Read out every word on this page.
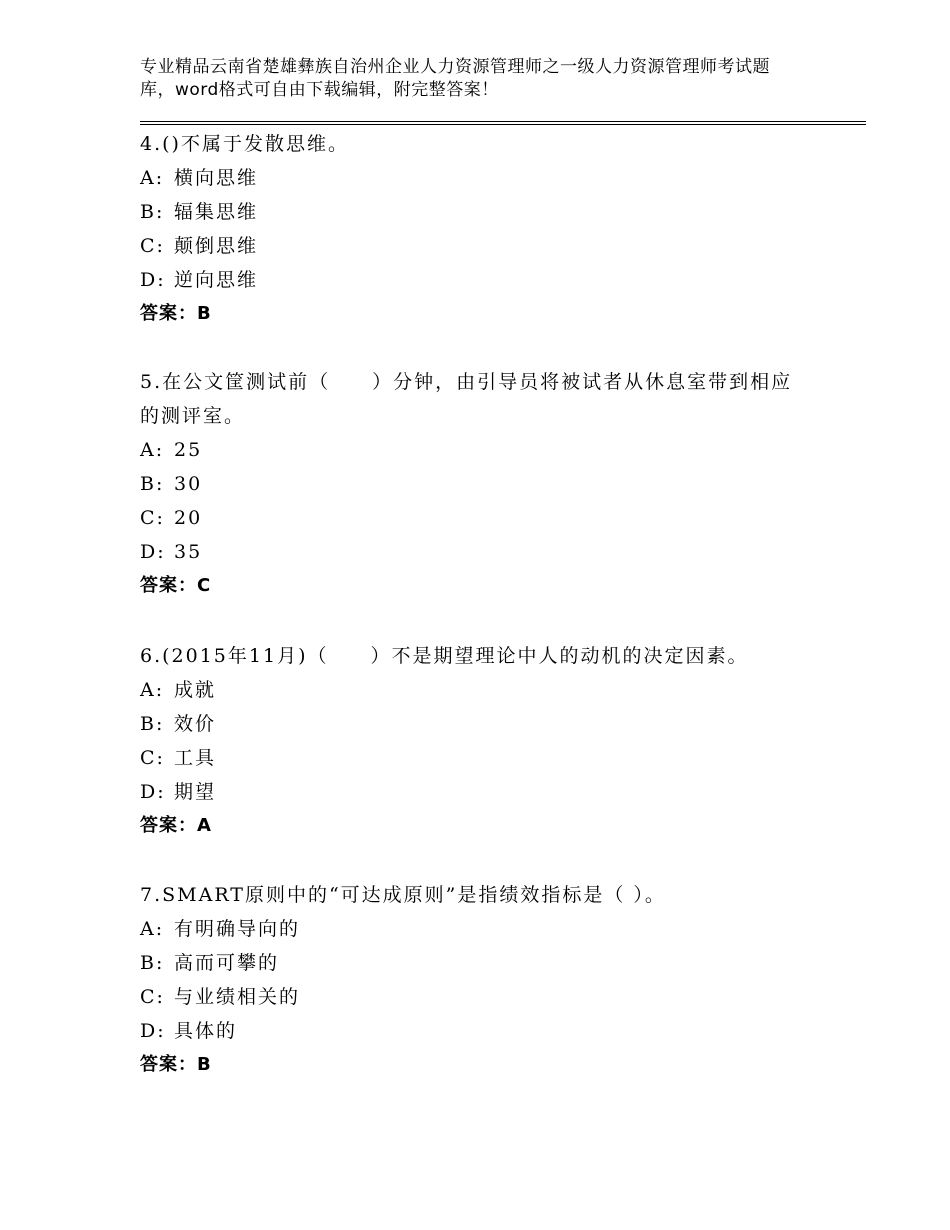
专业精品云南省楚雄彝族自治州企业人力资源管理师之一级人力资源管理师考试题
库，word格式可自由下载编辑，附完整答案！
4.()不属于发散思维。
A: 横向思维
B: 辐集思维
C: 颠倒思维
D: 逆向思维
答案：B
5.在公文筐测试前（　　）分钟，由引导员将被试者从休息室带到相应
的测评室。
A: 25
B: 30
C: 20
D: 35
答案：C
6.(2015年11月)（　　）不是期望理论中人的动机的决定因素。
A: 成就
B: 效价
C: 工具
D: 期望
答案：A
7.SMART原则中的“可达成原则”是指绩效指标是（ ）。
A: 有明确导向的
B: 高而可攀的
C: 与业绩相关的
D: 具体的
答案：B
